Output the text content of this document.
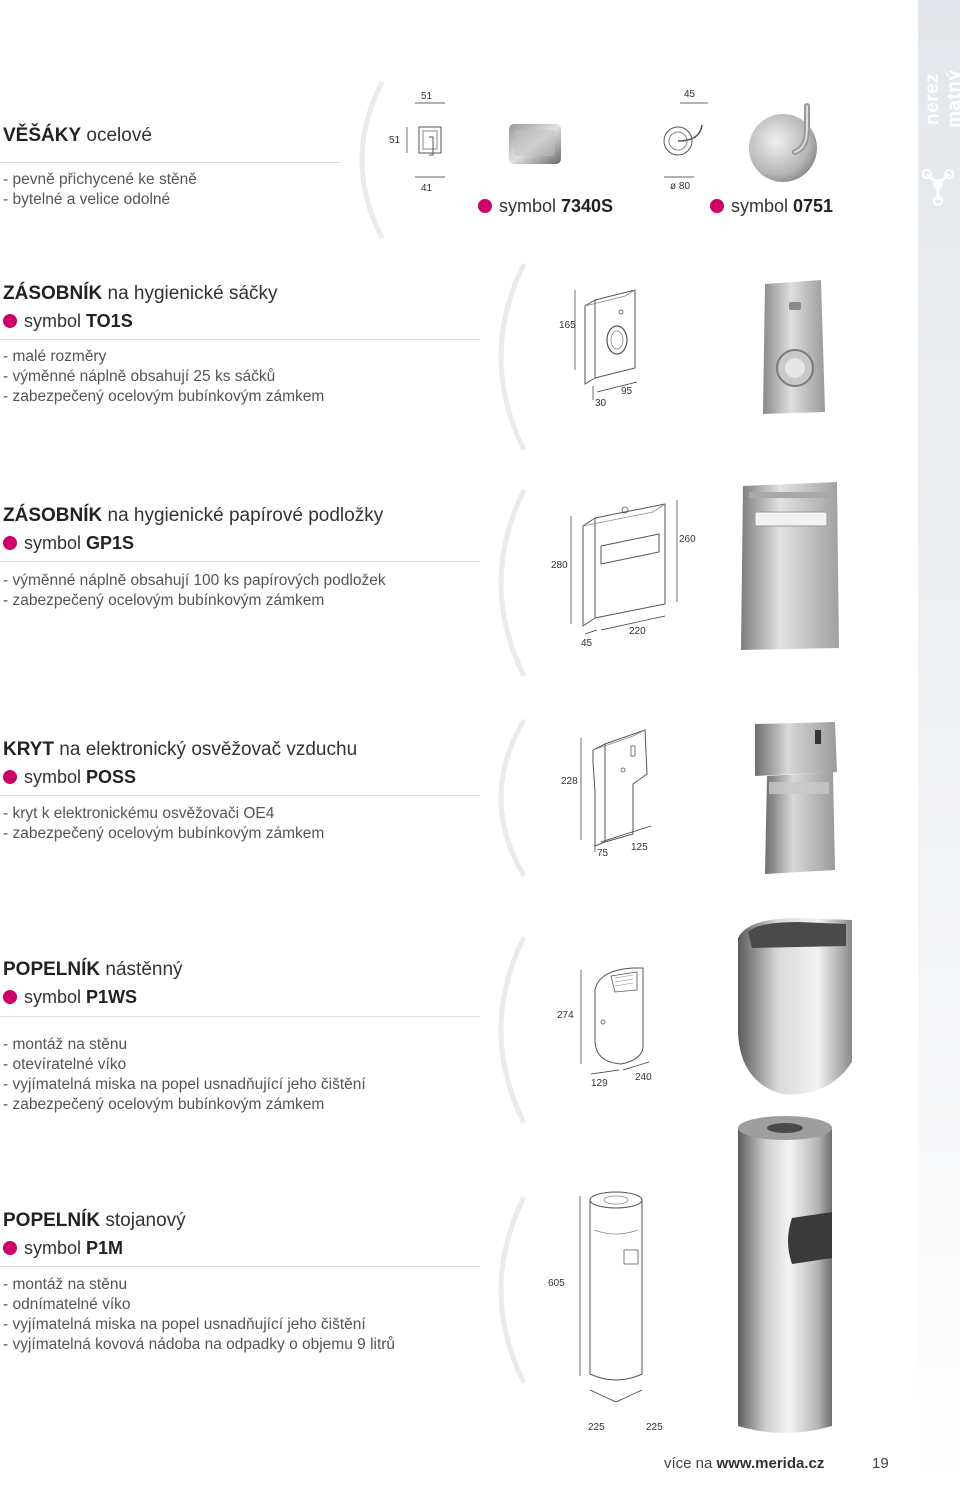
nerez matný
VĚŠÁKY ocelové
- pevně přichycené ke stěně
- bytelné a velice odolné
51
51
41
symbol 7340S
45
ø 80
symbol 0751
ZÁSOBNÍK na hygienické sáčky
symbol TO1S
- malé rozměry
- výměnné náplně obsahují 25 ks sáčků
- zabezpečený ocelovým bubínkovým zámkem
165
30
95
ZÁSOBNÍK na hygienické papírové podložky
symbol GP1S
- výměnné náplně obsahují 100 ks papírových podložek
- zabezpečený ocelovým bubínkovým zámkem
280
260
45
220
KRYT na elektronický osvěžovač vzduchu
symbol POSS
- kryt k elektronickému osvěžovači OE4
- zabezpečený ocelovým bubínkovým zámkem
228
75
125
POPELNÍK nástěnný
symbol P1WS
- montáž na stěnu
- otevíratelné víko
- vyjímatelná miska na popel usnadňující jeho čištění
- zabezpečený ocelovým bubínkovým zámkem
274
129
240
POPELNÍK stojanový
symbol P1M
- montáž na stěnu
- odnímatelné víko
- vyjímatelná miska na popel usnadňující jeho čištění
- vyjímatelná kovová nádoba na odpadky o objemu 9 litrů
605
225	225
více na www.merida.cz	19
